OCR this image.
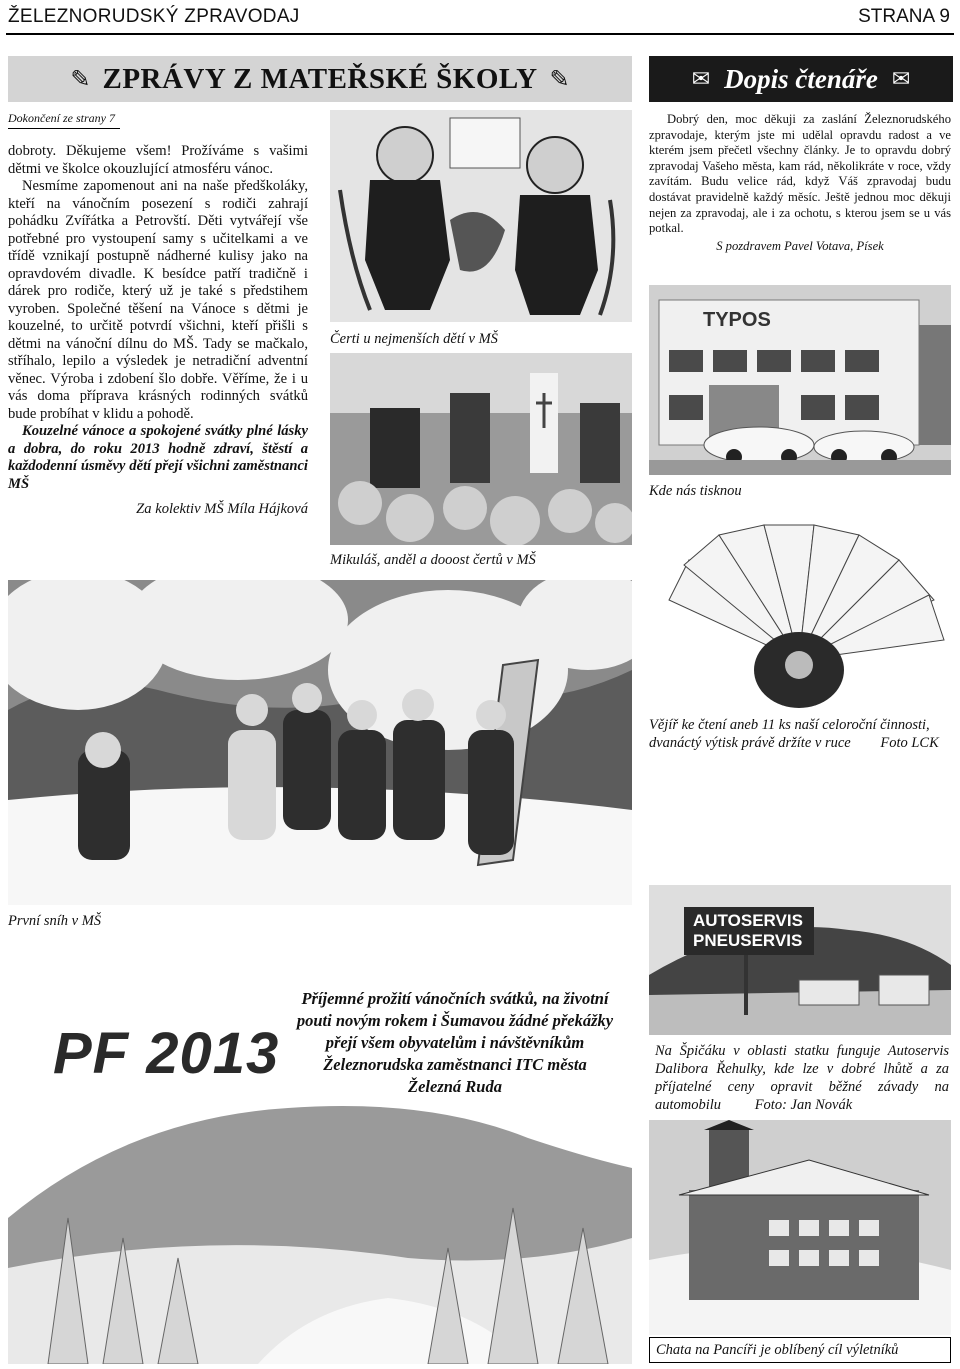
ŽELEZNORUDSKÝ ZPRAVODAJ	STRANA 9
✎ ZPRÁVY Z MATEŘSKÉ ŠKOLY ✎	✉ Dopis čtenáře ✉
Dokončení ze strany 7

dobroty. Děkujeme všem! Prožíváme s vašimi dětmi ve školce okouzlující atmosféru vánoc.

Nesmíme zapomenout ani na naše předškoláky, kteří na vánočním posezení s rodiči zahrají pohádku Zvířátka a Petrovští. Děti vytvářejí vše potřebné pro vystoupení samy s učitelkami a ve třídě vznikají postupně nádherné kulisy jako na opravdovém divadle. K besídce patří tradičně i dárek pro rodiče, který už je také s předstihem vyroben. Společné těšení na Vánoce s dětmi je kouzelné, to určitě potvrdí všichni, kteří přišli s dětmi na vánoční dílnu do MŠ. Tady se mačkalo, stříhalo, lepilo a výsledek je netradiční adventní věnec. Výroba i zdobení šlo dobře. Věříme, že i u vás doma příprava krásných rodinných svátků bude probíhat v klidu a pohodě.

Kouzelné vánoce a spokojené svátky plné lásky a dobra, do roku 2013 hodně zdraví, štěstí a každodenní úsměvy dětí přejí všichni zaměstnanci MŠ

Za kolektiv MŠ Míla Hájková

Čerti u nejmenších dětí v MŠ
Mikuláš, anděl a dooost čertů v MŠ

Dobrý den, moc děkuji za zaslání Železnorudského zpravodaje, kterým jste mi udělal opravdu radost a ve kterém jsem přečetl všechny články. Je to opravdu dobrý zpravodaj Vašeho města, kam rád, několikráte v roce, vždy zavítám. Budu velice rád, když Váš zpravodaj budu dostávat pravidelně každý měsíc. Ještě jednou moc děkuji nejen za zpravodaj, ale i za ochotu, s kterou jsem se u vás potkal.

S pozdravem Pavel Votava, Písek

TYPOS
Kde nás tisknou
Vějíř ke čtení aneb 11 ks naší celoroční činnosti, dvanáctý výtisk právě držíte v ruce Foto LCK
První sníh v MŠ	AUTOSERVIS
PNEUSERVIS
Na Špičáku v oblasti statku funguje Autoservis Dalibora Řehulky, kde lze v dobré lhůtě a za příjatelné ceny opravit běžné závady na automobilu Foto: Jan Novák
Chata na Pancíři je oblíbený cíl výletníků
PF 2013
Příjemné prožití vánočních svátků, na životní pouti novým rokem i Šumavou žádné překážky přejí všem obyvatelům i návštěvníkům Železnorudska zaměstnanci ITC města Železná Ruda
